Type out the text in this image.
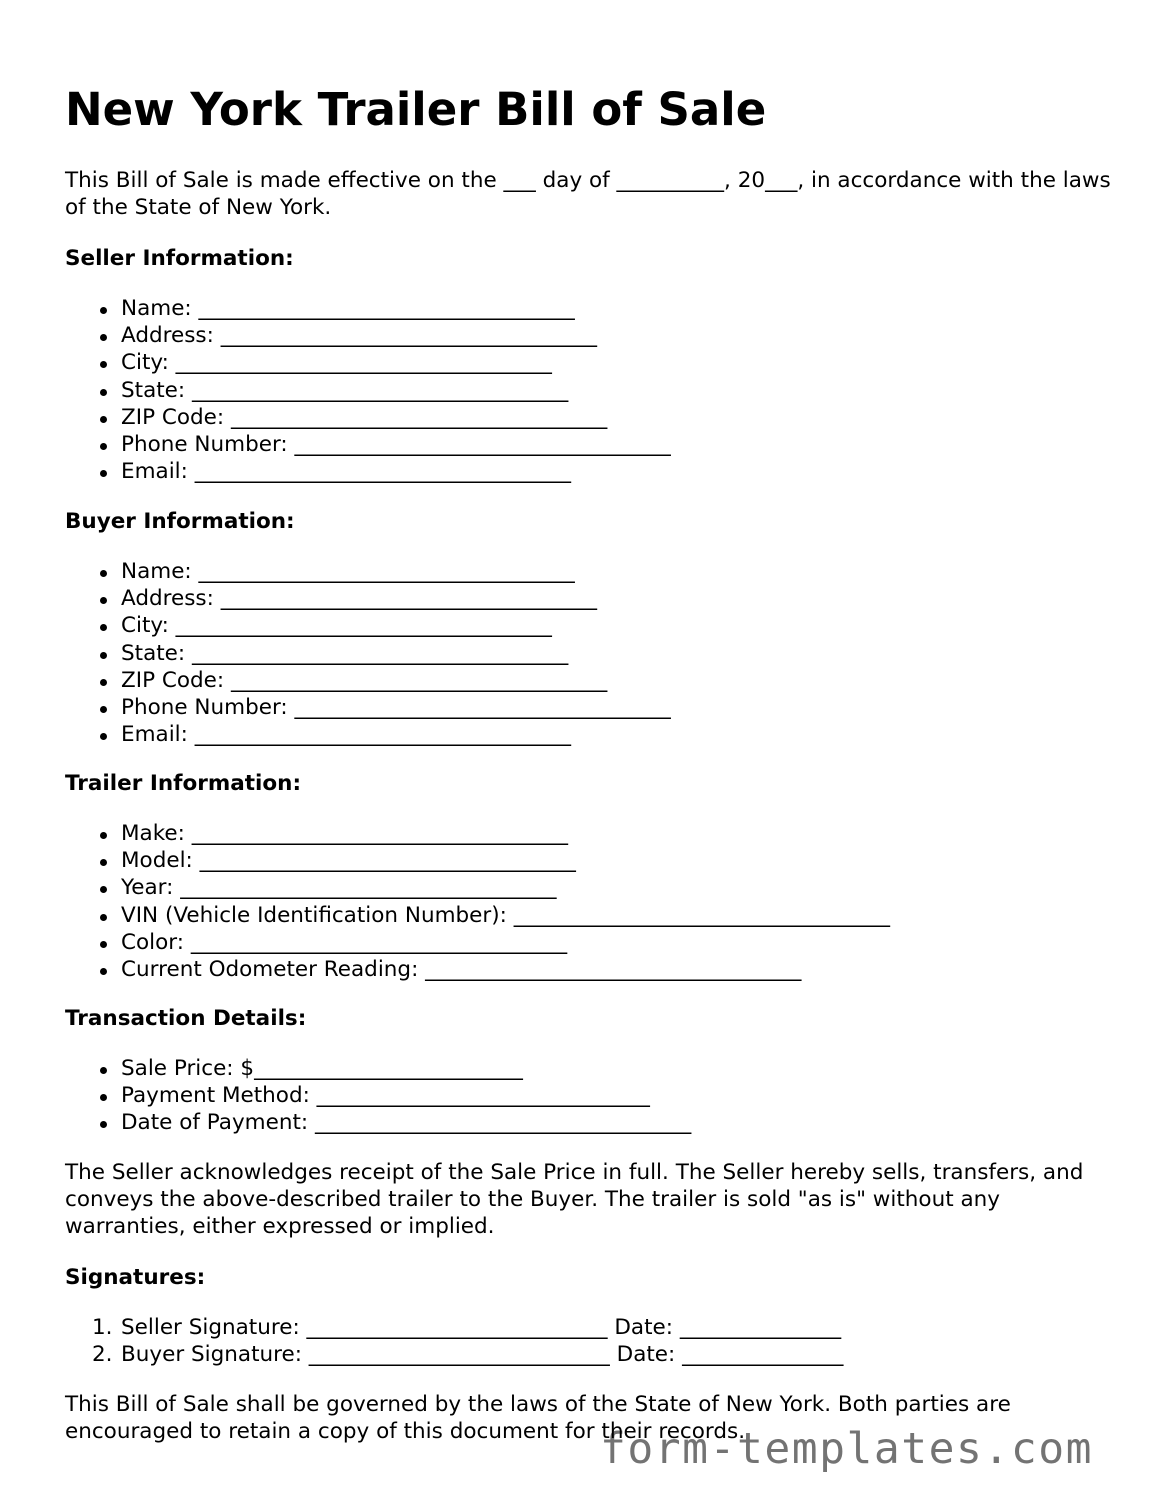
New York Trailer Bill of Sale

This Bill of Sale is made effective on the ___ day of __________, 20___, in accordance with the laws of the State of New York.

Seller Information:
Name: ___________________________________
Address: ___________________________________
City: ___________________________________
State: ___________________________________
ZIP Code: ___________________________________
Phone Number: ___________________________________
Email: ___________________________________
Buyer Information:
Name: ___________________________________
Address: ___________________________________
City: ___________________________________
State: ___________________________________
ZIP Code: ___________________________________
Phone Number: ___________________________________
Email: ___________________________________
Trailer Information:
Make: ___________________________________
Model: ___________________________________
Year: ___________________________________
VIN (Vehicle Identification Number): ___________________________________
Color: ___________________________________
Current Odometer Reading: ___________________________________
Transaction Details:
Sale Price: $_________________________
Payment Method: _______________________________
Date of Payment: ___________________________________

The Seller acknowledges receipt of the Sale Price in full. The Seller hereby sells, transfers, and conveys the above-described trailer to the Buyer. The trailer is sold "as is" without any warranties, either expressed or implied.

Signatures:
1. Seller Signature: ____________________________ Date: _______________
2. Buyer Signature: ____________________________ Date: _______________

This Bill of Sale shall be governed by the laws of the State of New York. Both parties are encouraged to retain a copy of this document for their records.

form-templates.com
